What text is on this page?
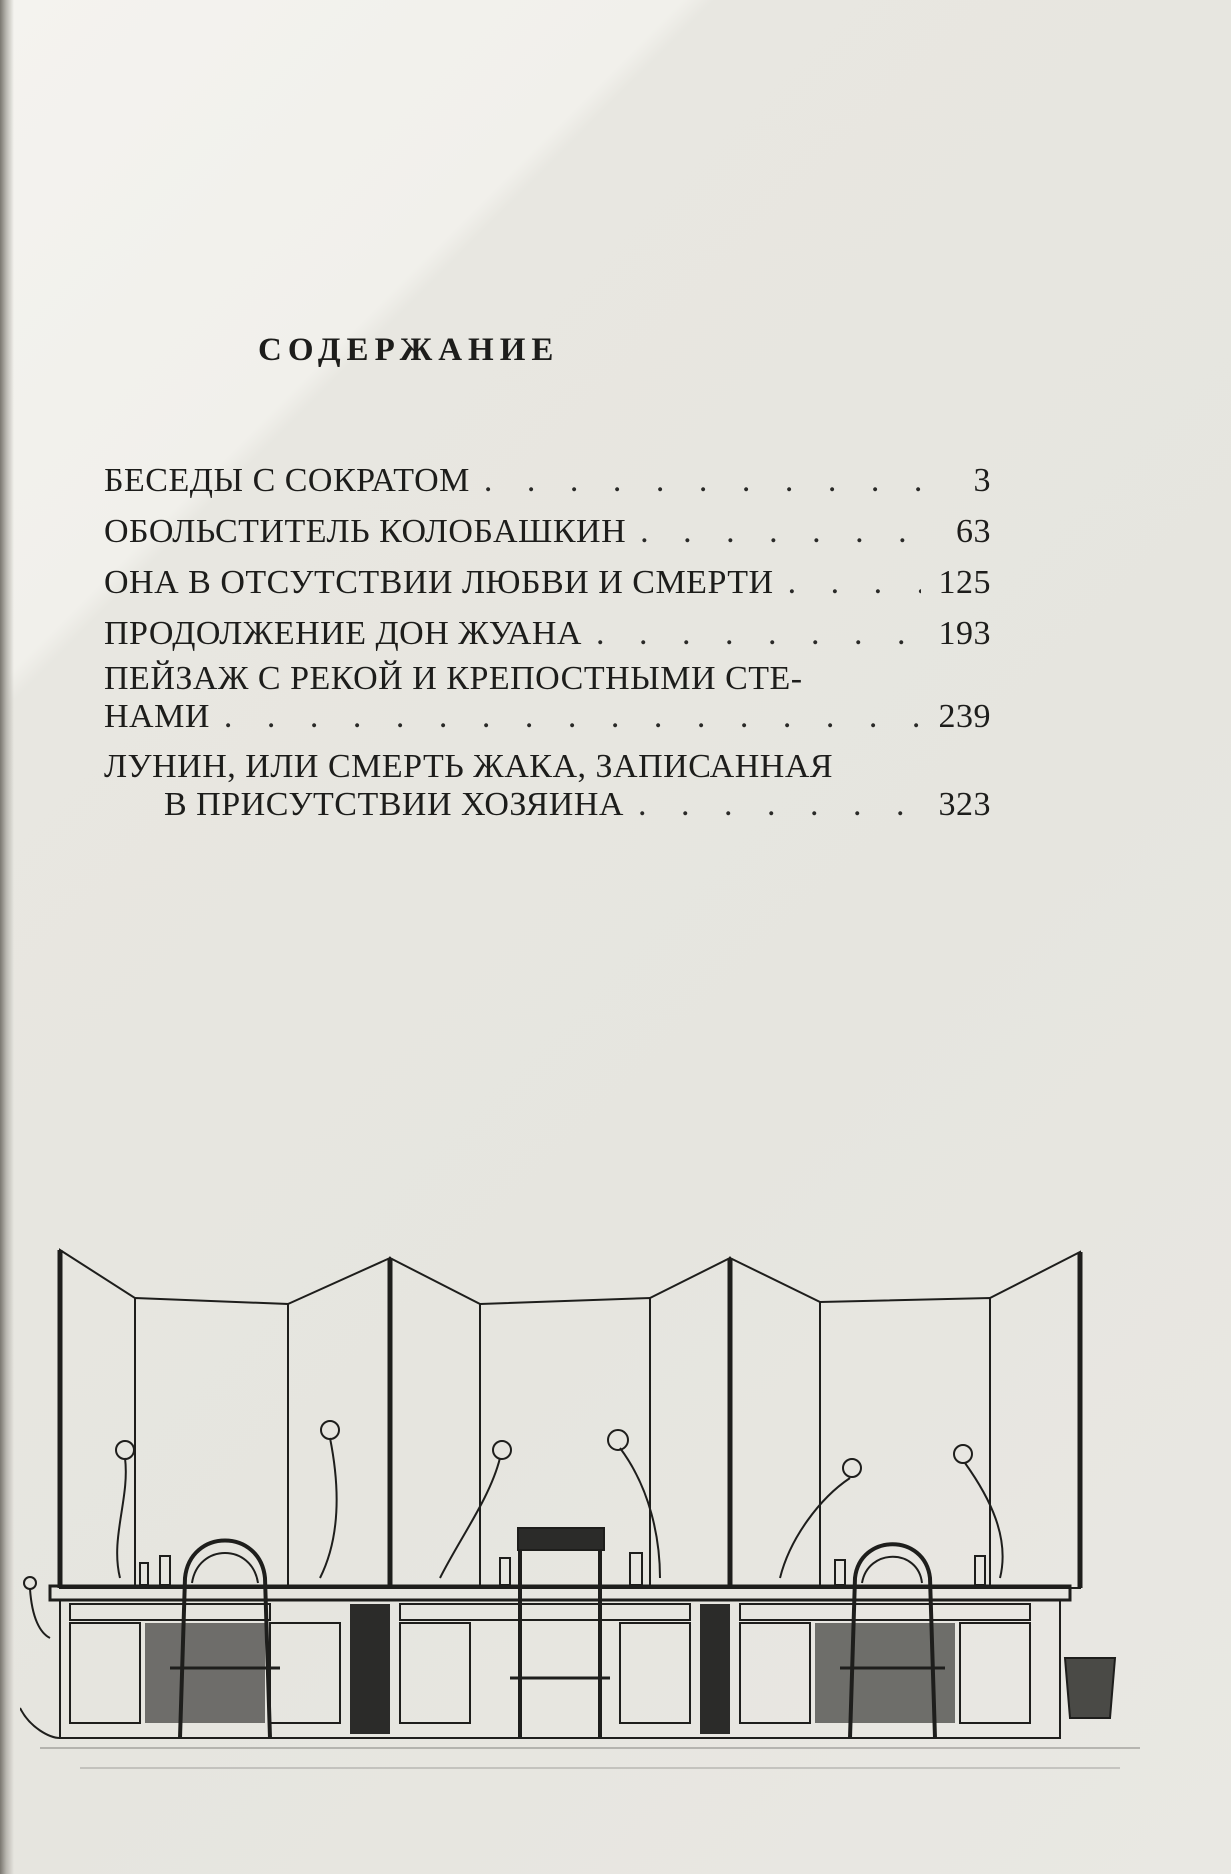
СОДЕРЖАНИЕ
БЕСЕДЫ С СОКРАТОМ . . .	3
ОБОЛЬСТИТЕЛЬ КОЛОБАШКИН . . .	63
ОНА В ОТСУТСТВИИ ЛЮБВИ И СМЕРТИ . . .	125
ПРОДОЛЖЕНИЕ ДОН ЖУАНА . . .	193
ПЕЙЗАЖ С РЕКОЙ И КРЕПОСТНЫМИ СТЕ-
НАМИ . . .	239
ЛУНИН, ИЛИ СМЕРТЬ ЖАКА, ЗАПИСАННАЯ
В ПРИСУТСТВИИ ХОЗЯИНА . . .	323
